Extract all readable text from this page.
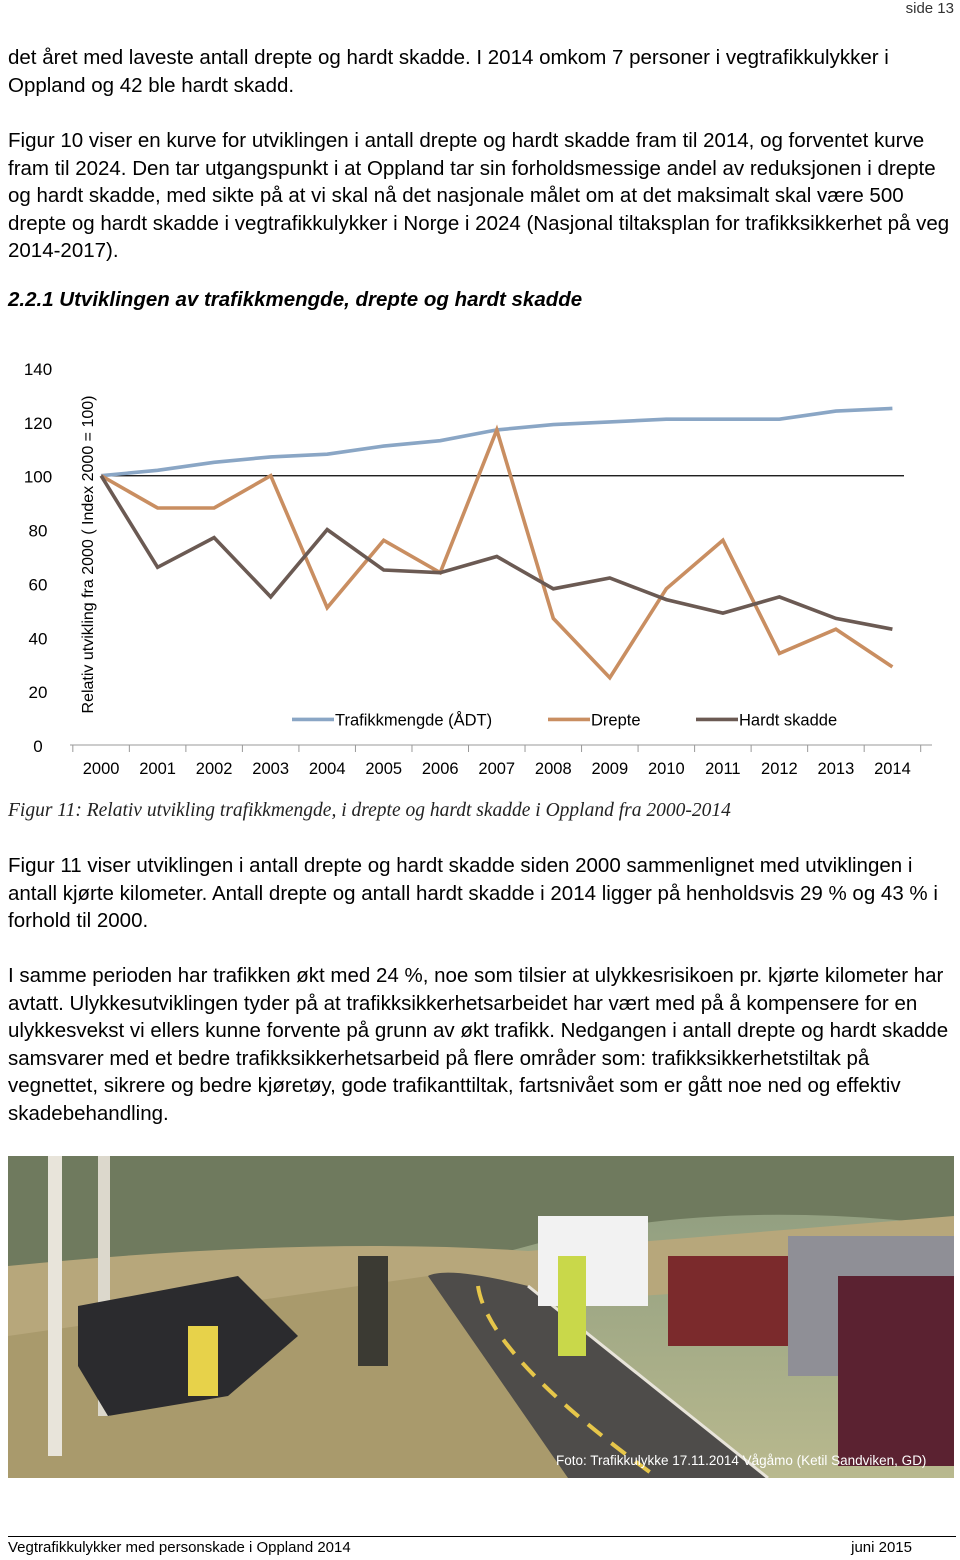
side 13

det året med laveste antall drepte og hardt skadde. I 2014 omkom 7 personer i vegtrafikkulykker i Oppland og 42 ble hardt skadd.

Figur 10 viser en kurve for utviklingen i antall drepte og hardt skadde fram til 2014, og forventet kurve fram til 2024. Den tar utgangspunkt i at Oppland tar sin forholdsmessige andel av reduksjonen i drepte og hardt skadde, med sikte på at vi skal nå det nasjonale målet om at det maksimalt skal være 500 drepte og hardt skadde i vegtrafikkulykker i Norge i 2024 (Nasjonal tiltaksplan for trafikksikkerhet på veg 2014-2017).

2.2.1 Utviklingen av trafikkmengde, drepte og hardt skadde

0
20
40
60
80
100
120
140
Relativ utvikling fra 2000 ( Index 2000 = 100)
2000 2001 2002 2003 2004 2005 2006 2007 2008 2009 2010 2011 2012 2013 2014
Trafikkmengde (ÅDT)	Drepte	Hardt skadde

Figur 11: Relativ utvikling trafikkmengde, i drepte og hardt skadde i Oppland fra 2000-2014

Figur 11 viser utviklingen i antall drepte og hardt skadde siden 2000 sammenlignet med utviklingen i antall kjørte kilometer. Antall drepte og antall hardt skadde i 2014 ligger på henholdsvis 29 % og 43 % i forhold til 2000.

I samme perioden har trafikken økt med 24 %, noe som tilsier at ulykkesrisikoen pr. kjørte kilometer har avtatt. Ulykkesutviklingen tyder på at trafikksikkerhetsarbeidet har vært med på å kompensere for en ulykkesvekst vi ellers kunne forvente på grunn av økt trafikk. Nedgangen i antall drepte og hardt skadde samsvarer med et bedre trafikksikkerhetsarbeid på flere områder som: trafikksikkerhetstiltak på vegnettet, sikrere og bedre kjøretøy, gode trafikanttiltak, fartsnivået som er gått noe ned og effektiv skadebehandling.

Foto: Trafikkulykke 17.11.2014 Vågåmo (Ketil Sandviken, GD)
Vegtrafikkulykker med personskade i Oppland 2014	juni 2015
